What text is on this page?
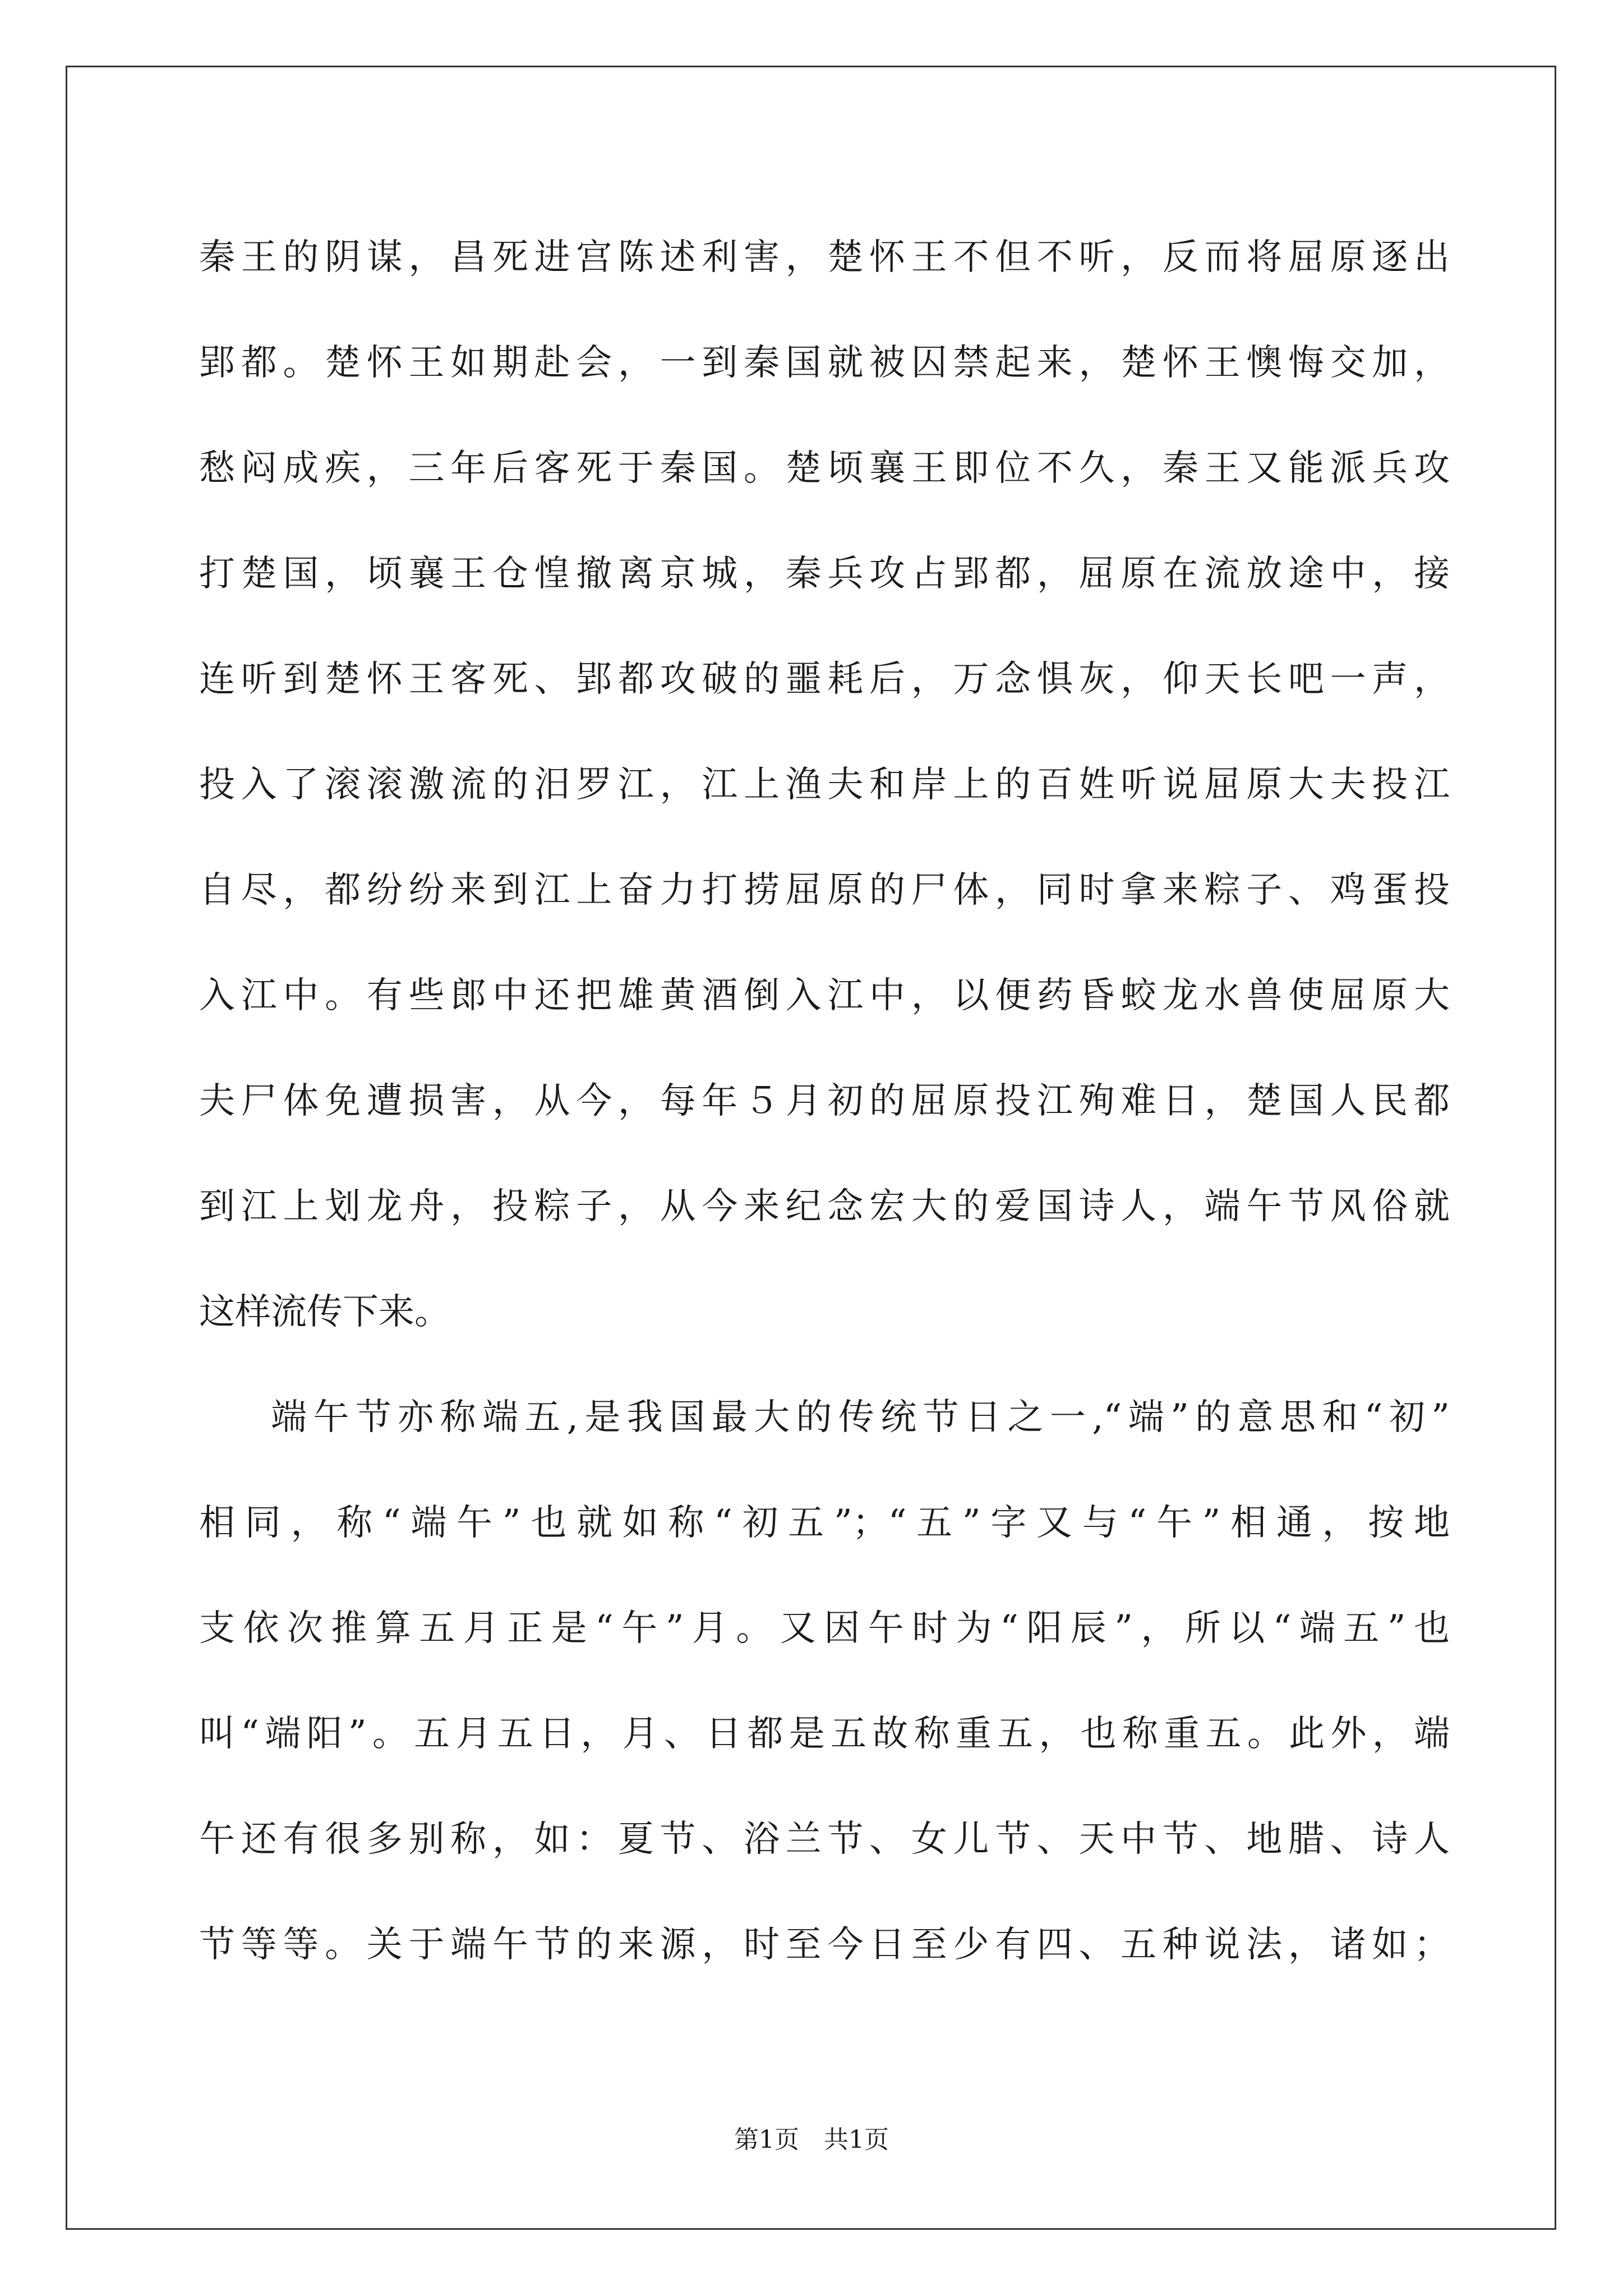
秦王的阴谋，昌死进宫陈述利害，楚怀王不但不听，反而将屈原逐出
郢都。楚怀王如期赴会，一到秦国就被囚禁起来，楚怀王懊悔交加，
愁闷成疾，三年后客死于秦国。楚顷襄王即位不久，秦王又能派兵攻
打楚国，顷襄王仓惶撤离京城，秦兵攻占郢都，屈原在流放途中，接
连听到楚怀王客死、郢都攻破的噩耗后，万念惧灰，仰天长吧一声，
投入了滚滚激流的汨罗江，江上渔夫和岸上的百姓听说屈原大夫投江
自尽，都纷纷来到江上奋力打捞屈原的尸体，同时拿来粽子、鸡蛋投
入江中。有些郎中还把雄黄酒倒入江中，以便药昏蛟龙水兽使屈原大
夫尸体免遭损害，从今，每年５月初的屈原投江殉难日，楚国人民都
到江上划龙舟，投粽子，从今来纪念宏大的爱国诗人，端午节风俗就
这样流传下来。
端午节亦称端五,是我国最大的传统节日之一,“端”的意思和“初”
相同，称“端午”也就如称“初五”；“五”字又与“午”相通，按地
支依次推算五月正是“午”月。又因午时为“阳辰”，所以“端五”也
叫“端阳”。五月五日，月、日都是五故称重五，也称重五。此外，端
午还有很多别称，如：夏节、浴兰节、女儿节、天中节、地腊、诗人
节等等。关于端午节的来源，时至今日至少有四、五种说法，诸如；
第1页　共1页
